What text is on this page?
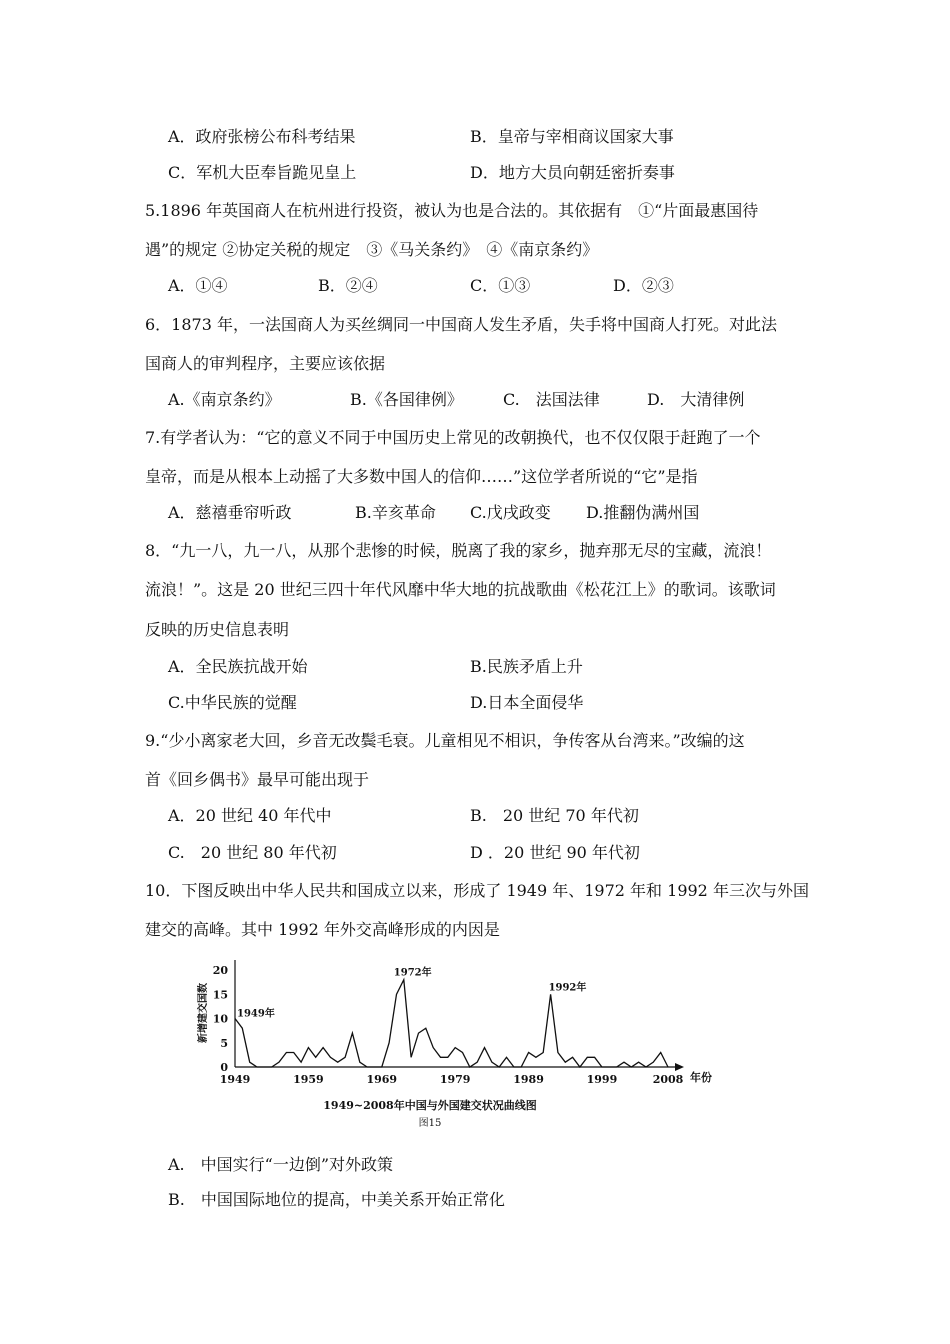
A．政府张榜公布科考结果	B．皇帝与宰相商议国家大事
C．军机大臣奉旨跪见皇上	D．地方大员向朝廷密折奏事
5.1896 年英国商人在杭州进行投资，被认为也是合法的。其依据有　①“片面最惠国待
遇”的规定 ②协定关税的规定　③《马关条约》　④《南京条约》
A．①④	B．②④	C．①③	D．②③
6．1873 年，一法国商人为买丝绸同一中国商人发生矛盾，失手将中国商人打死。对此法
国商人的审判程序，主要应该依据
A.《南京条约》	B.《各国律例》	C.　法国法律	D.　大清律例
7.有学者认为：“它的意义不同于中国历史上常见的改朝换代，也不仅仅限于赶跑了一个
皇帝，而是从根本上动摇了大多数中国人的信仰……”这位学者所说的“它”是指
A．慈禧垂帘听政	B.辛亥革命 C.戊戌政变 D.推翻伪满州国
8．“九一八，九一八，从那个悲惨的时候，脱离了我的家乡，抛弃那无尽的宝藏，流浪！
流浪！”。这是 20 世纪三四十年代风靡中华大地的抗战歌曲《松花江上》的歌词。该歌词
反映的历史信息表明
A．全民族抗战开始	B.民族矛盾上升
C.中华民族的觉醒	D.日本全面侵华
9.“少小离家老大回，乡音无改鬓毛衰。儿童相见不相识，争传客从台湾来。”改编的这
首《回乡偶书》最早可能出现于
A．20 世纪 40 年代中	B.　20 世纪 70 年代初
C.　20 世纪 80 年代初	D ．20 世纪 90 年代初
10．下图反映出中华人民共和国成立以来，形成了 1949 年、1972 年和 1992 年三次与外国
建交的高峰。其中 1992 年外交高峰形成的内因是
0
5
10
15
20
1949	1959	1969	1979	1989	1999	2008
1949年
1972年
1992年
新增建交国数
年份
1949~2008年中国与外国建交状况曲线图
图15
A.　中国实行“一边倒”对外政策
B.　中国国际地位的提高，中美关系开始正常化
